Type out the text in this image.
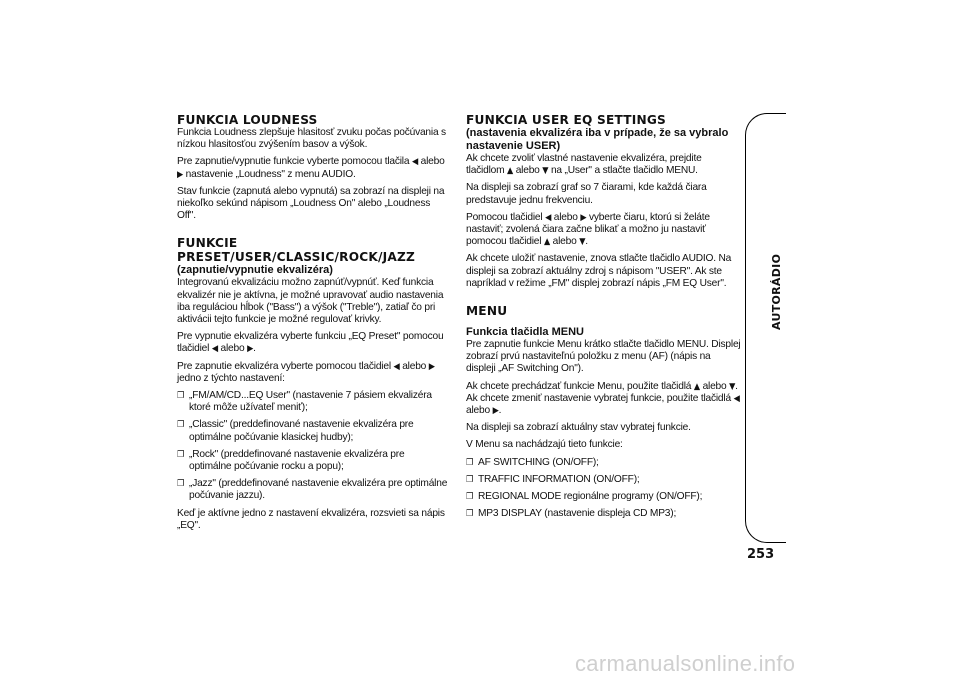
FUNKCIA LOUDNESS

Funkcia Loudness zlepšuje hlasitosť zvuku počas počúvania s nízkou hlasitosťou zvýšením basov a výšok.

Pre zapnutie/vypnutie funkcie vyberte pomocou tlačila ◀ alebo ▶ nastavenie „Loudness" z menu AUDIO.

Stav funkcie (zapnutá alebo vypnutá) sa zobrazí na displeji na niekoľko sekúnd nápisom „Loudness On" alebo „Loudness Off".

FUNKCIE

PRESET/USER/CLASSIC/ROCK/JAZZ

(zapnutie/vypnutie ekvalizéra)

Integrovanú ekvalizáciu možno zapnúť/vypnúť. Keď funkcia ekvalizér nie je aktívna, je možné upravovať audio nastavenia iba reguláciou hĺbok ("Bass") a výšok ("Treble"), zatiaľ čo pri aktivácii tejto funkcie je možné regulovať krivky.

Pre vypnutie ekvalizéra vyberte funkciu „EQ Preset" pomocou tlačidiel ◀ alebo ▶.

Pre zapnutie ekvalizéra vyberte pomocou tlačidiel ◀ alebo ▶ jedno z týchto nastavení:

❒ „FM/AM/CD...EQ User" (nastavenie 7 pásiem ekvalizéra ktoré môže užívateľ meniť);

❒ „Classic" (preddefinované nastavenie ekvalizéra pre optimálne počúvanie klasickej hudby);

❒ „Rock" (preddefinované nastavenie ekvalizéra pre optimálne počúvanie rocku a popu);

❒ „Jazz" (preddefinované nastavenie ekvalizéra pre optimálne počúvanie jazzu).

Keď je aktívne jedno z nastavení ekvalizéra, rozsvieti sa nápis „EQ".

FUNKCIA USER EQ SETTINGS

(nastavenia ekvalizéra iba v prípade, že sa vybralo nastavenie USER)

Ak chcete zvoliť vlastné nastavenie ekvalizéra, prejdite tlačidlom ▲ alebo ▼ na „User" a stlačte tlačidlo MENU.

Na displeji sa zobrazí graf so 7 čiarami, kde každá čiara predstavuje jednu frekvenciu.

Pomocou tlačidiel ◀ alebo ▶ vyberte čiaru, ktorú si želáte nastaviť; zvolená čiara začne blikať a možno ju nastaviť pomocou tlačidiel ▲ alebo ▼.

Ak chcete uložiť nastavenie, znova stlačte tlačidlo AUDIO. Na displeji sa zobrazí aktuálny zdroj s nápisom "USER". Ak ste napríklad v režime „FM" displej zobrazí nápis „FM EQ User".

MENU

Funkcia tlačidla MENU

Pre zapnutie funkcie Menu krátko stlačte tlačidlo MENU. Displej zobrazí prvú nastaviteľnú položku z menu (AF) (nápis na displeji „AF Switching On").

Ak chcete prechádzať funkcie Menu, použite tlačidlá ▲ alebo ▼. Ak chcete zmeniť nastavenie vybratej funkcie, použite tlačidlá ◀ alebo ▶.

Na displeji sa zobrazí aktuálny stav vybratej funkcie.

V Menu sa nachádzajú tieto funkcie:

❒ AF SWITCHING (ON/OFF);

❒ TRAFFIC INFORMATION (ON/OFF);

❒ REGIONAL MODE regionálne programy (ON/OFF);

❒ MP3 DISPLAY (nastavenie displeja CD MP3);

AUTORÁDIO
253
carmanualsonline.info
